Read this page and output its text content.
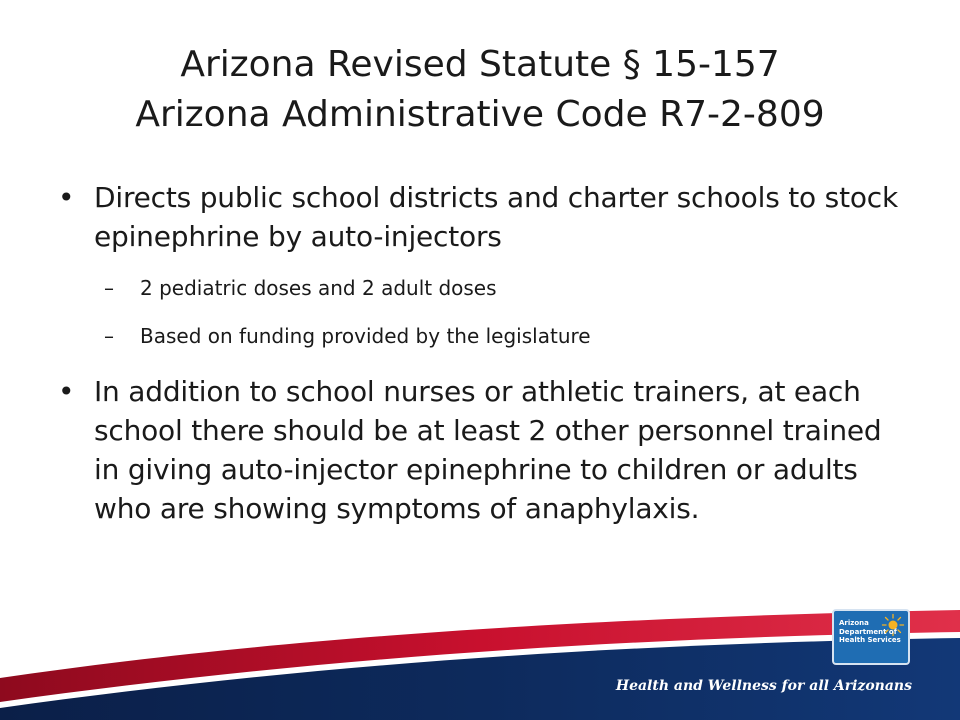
Arizona Revised Statute § 15-157
Arizona Administrative Code R7-2-809
• Directs public school districts and charter schools to stock epinephrine by auto-injectors
– 2 pediatric doses and 2 adult doses
– Based on funding provided by the legislature
• In addition to school nurses or athletic trainers, at each school there should be at least 2 other personnel trained in giving auto-injector epinephrine to children or adults who are showing symptoms of anaphylaxis.
Arizona
Department of
Health Services
Health and Wellness for all Arizonans
